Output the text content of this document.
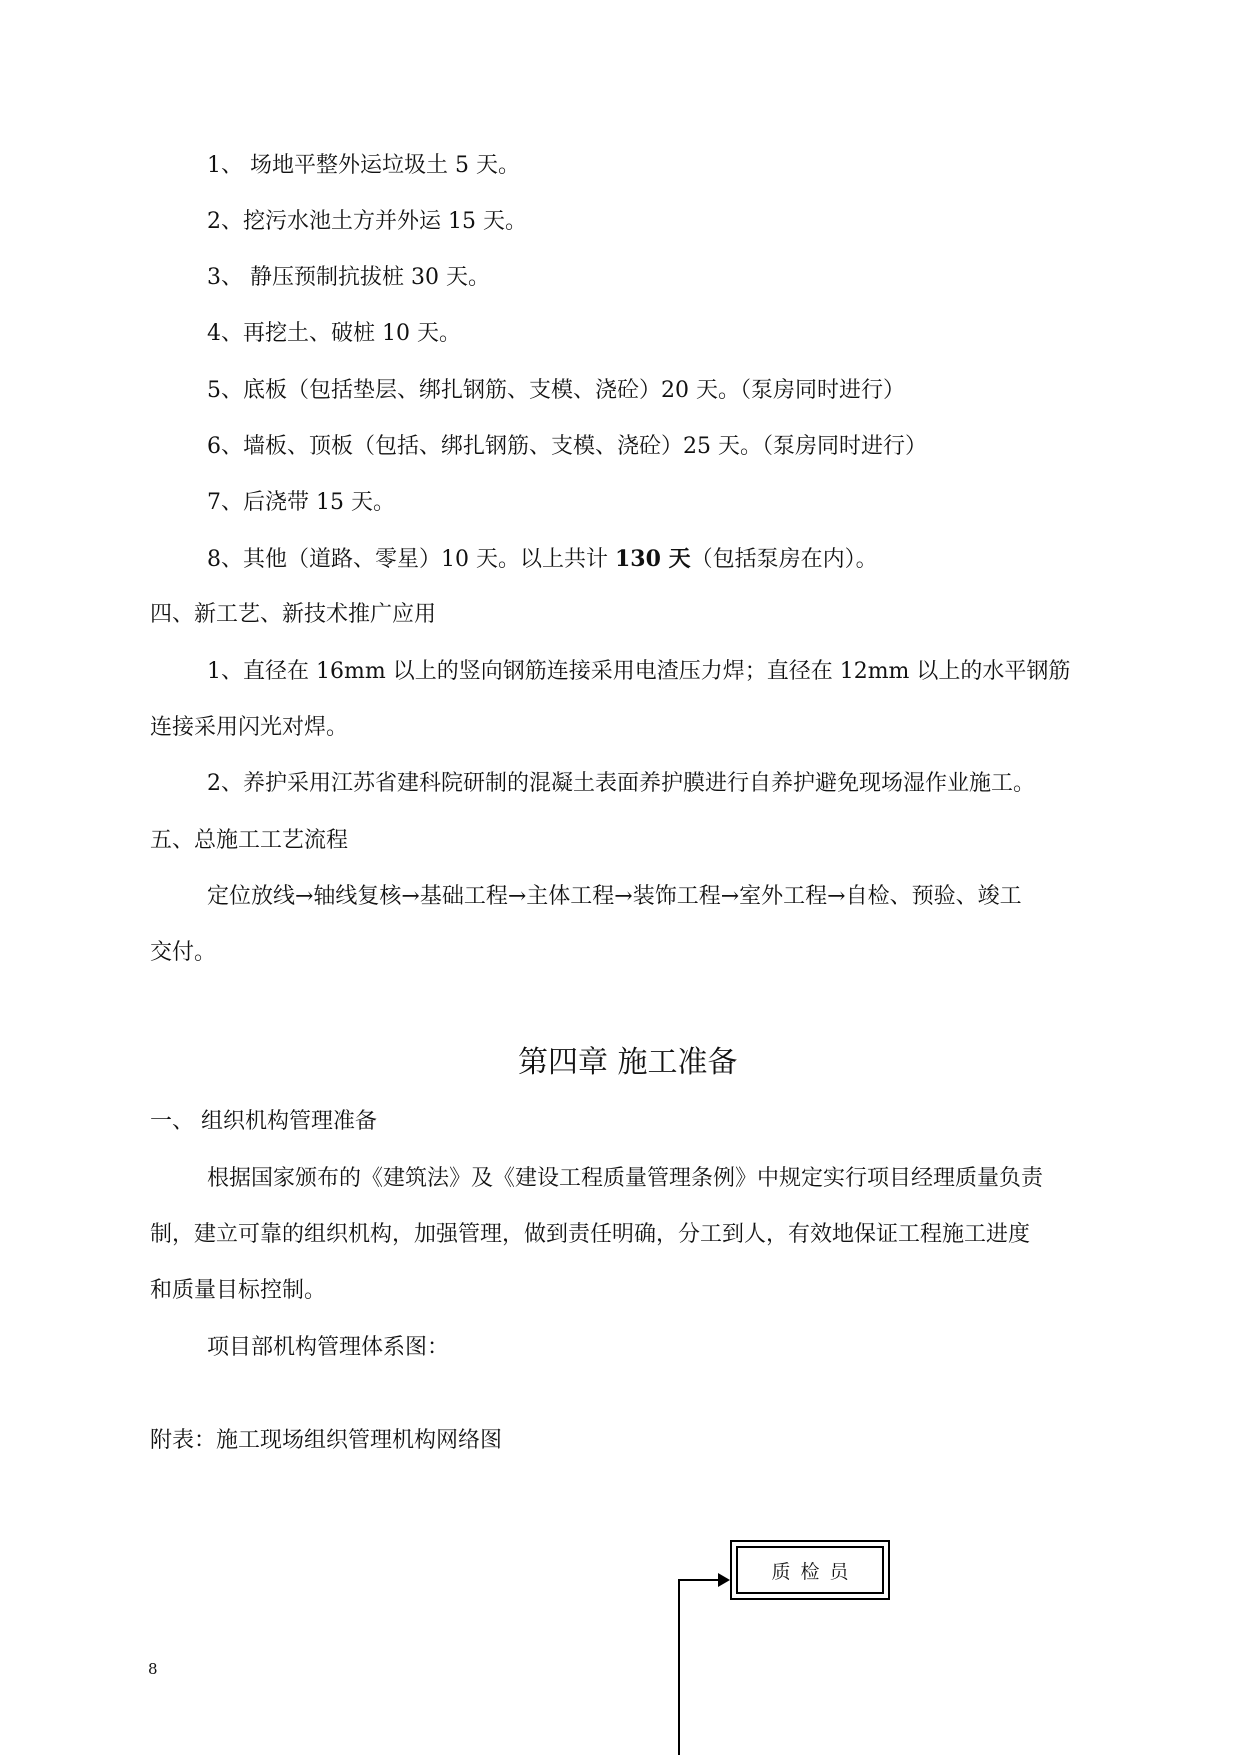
1、 场地平整外运垃圾土 5 天。
2、挖污水池土方并外运 15 天。
3、 静压预制抗拔桩 30 天。
4、再挖土、破桩 10 天。
5、底板（包括垫层、绑扎钢筋、支模、浇砼）20 天。（泵房同时进行）
6、墙板、顶板（包括、绑扎钢筋、支模、浇砼）25 天。（泵房同时进行）
7、后浇带 15 天。
8、其他（道路、零星）10 天。以上共计 130 天（包括泵房在内）。
四、新工艺、新技术推广应用
1、直径在 16mm 以上的竖向钢筋连接采用电渣压力焊；直径在 12mm 以上的水平钢筋
连接采用闪光对焊。
2、养护采用江苏省建科院研制的混凝土表面养护膜进行自养护避免现场湿作业施工。
五、总施工工艺流程
定位放线→轴线复核→基础工程→主体工程→装饰工程→室外工程→自检、预验、竣工
交付。
第四章 施工准备
一、 组织机构管理准备
根据国家颁布的《建筑法》及《建设工程质量管理条例》中规定实行项目经理质量负责
制，建立可靠的组织机构，加强管理，做到责任明确，分工到人，有效地保证工程施工进度
和质量目标控制。
项目部机构管理体系图：
附表：施工现场组织管理机构网络图
质检员
8
